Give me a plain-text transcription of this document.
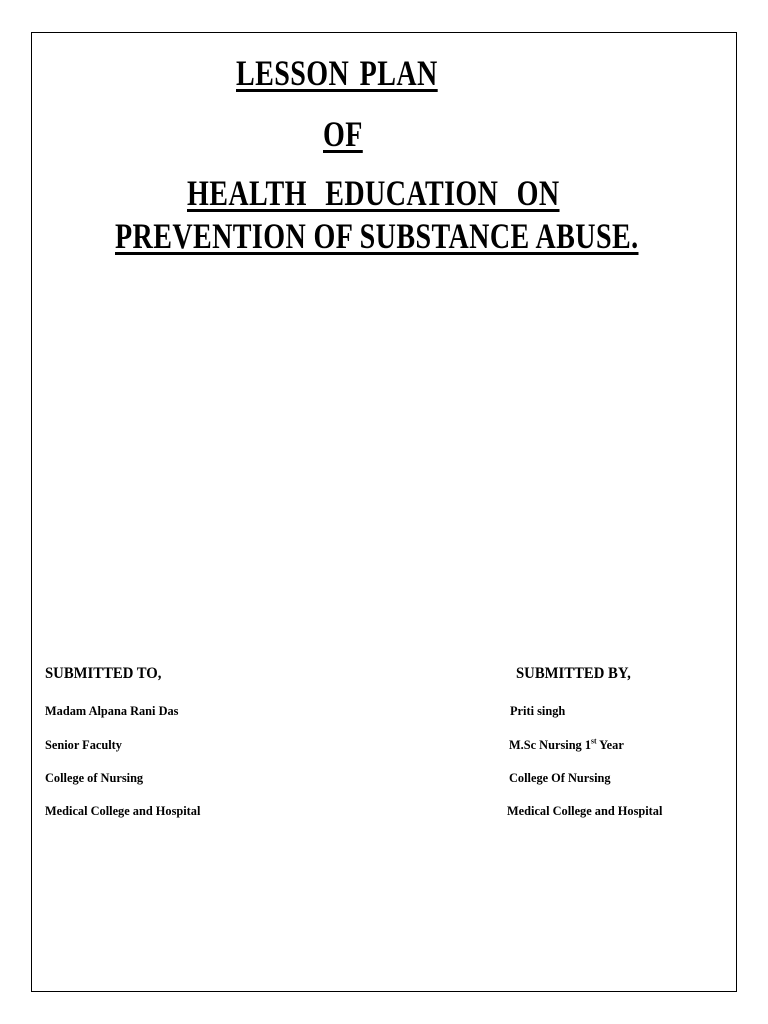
LESSON PLAN
OF
HEALTH EDUCATION ON
PREVENTION OF SUBSTANCE ABUSE.
SUBMITTED TO,
Madam Alpana Rani Das
Senior Faculty
College of Nursing
Medical College and Hospital
SUBMITTED BY,
Priti singh
M.Sc Nursing 1st Year
College Of Nursing
Medical College and Hospital
